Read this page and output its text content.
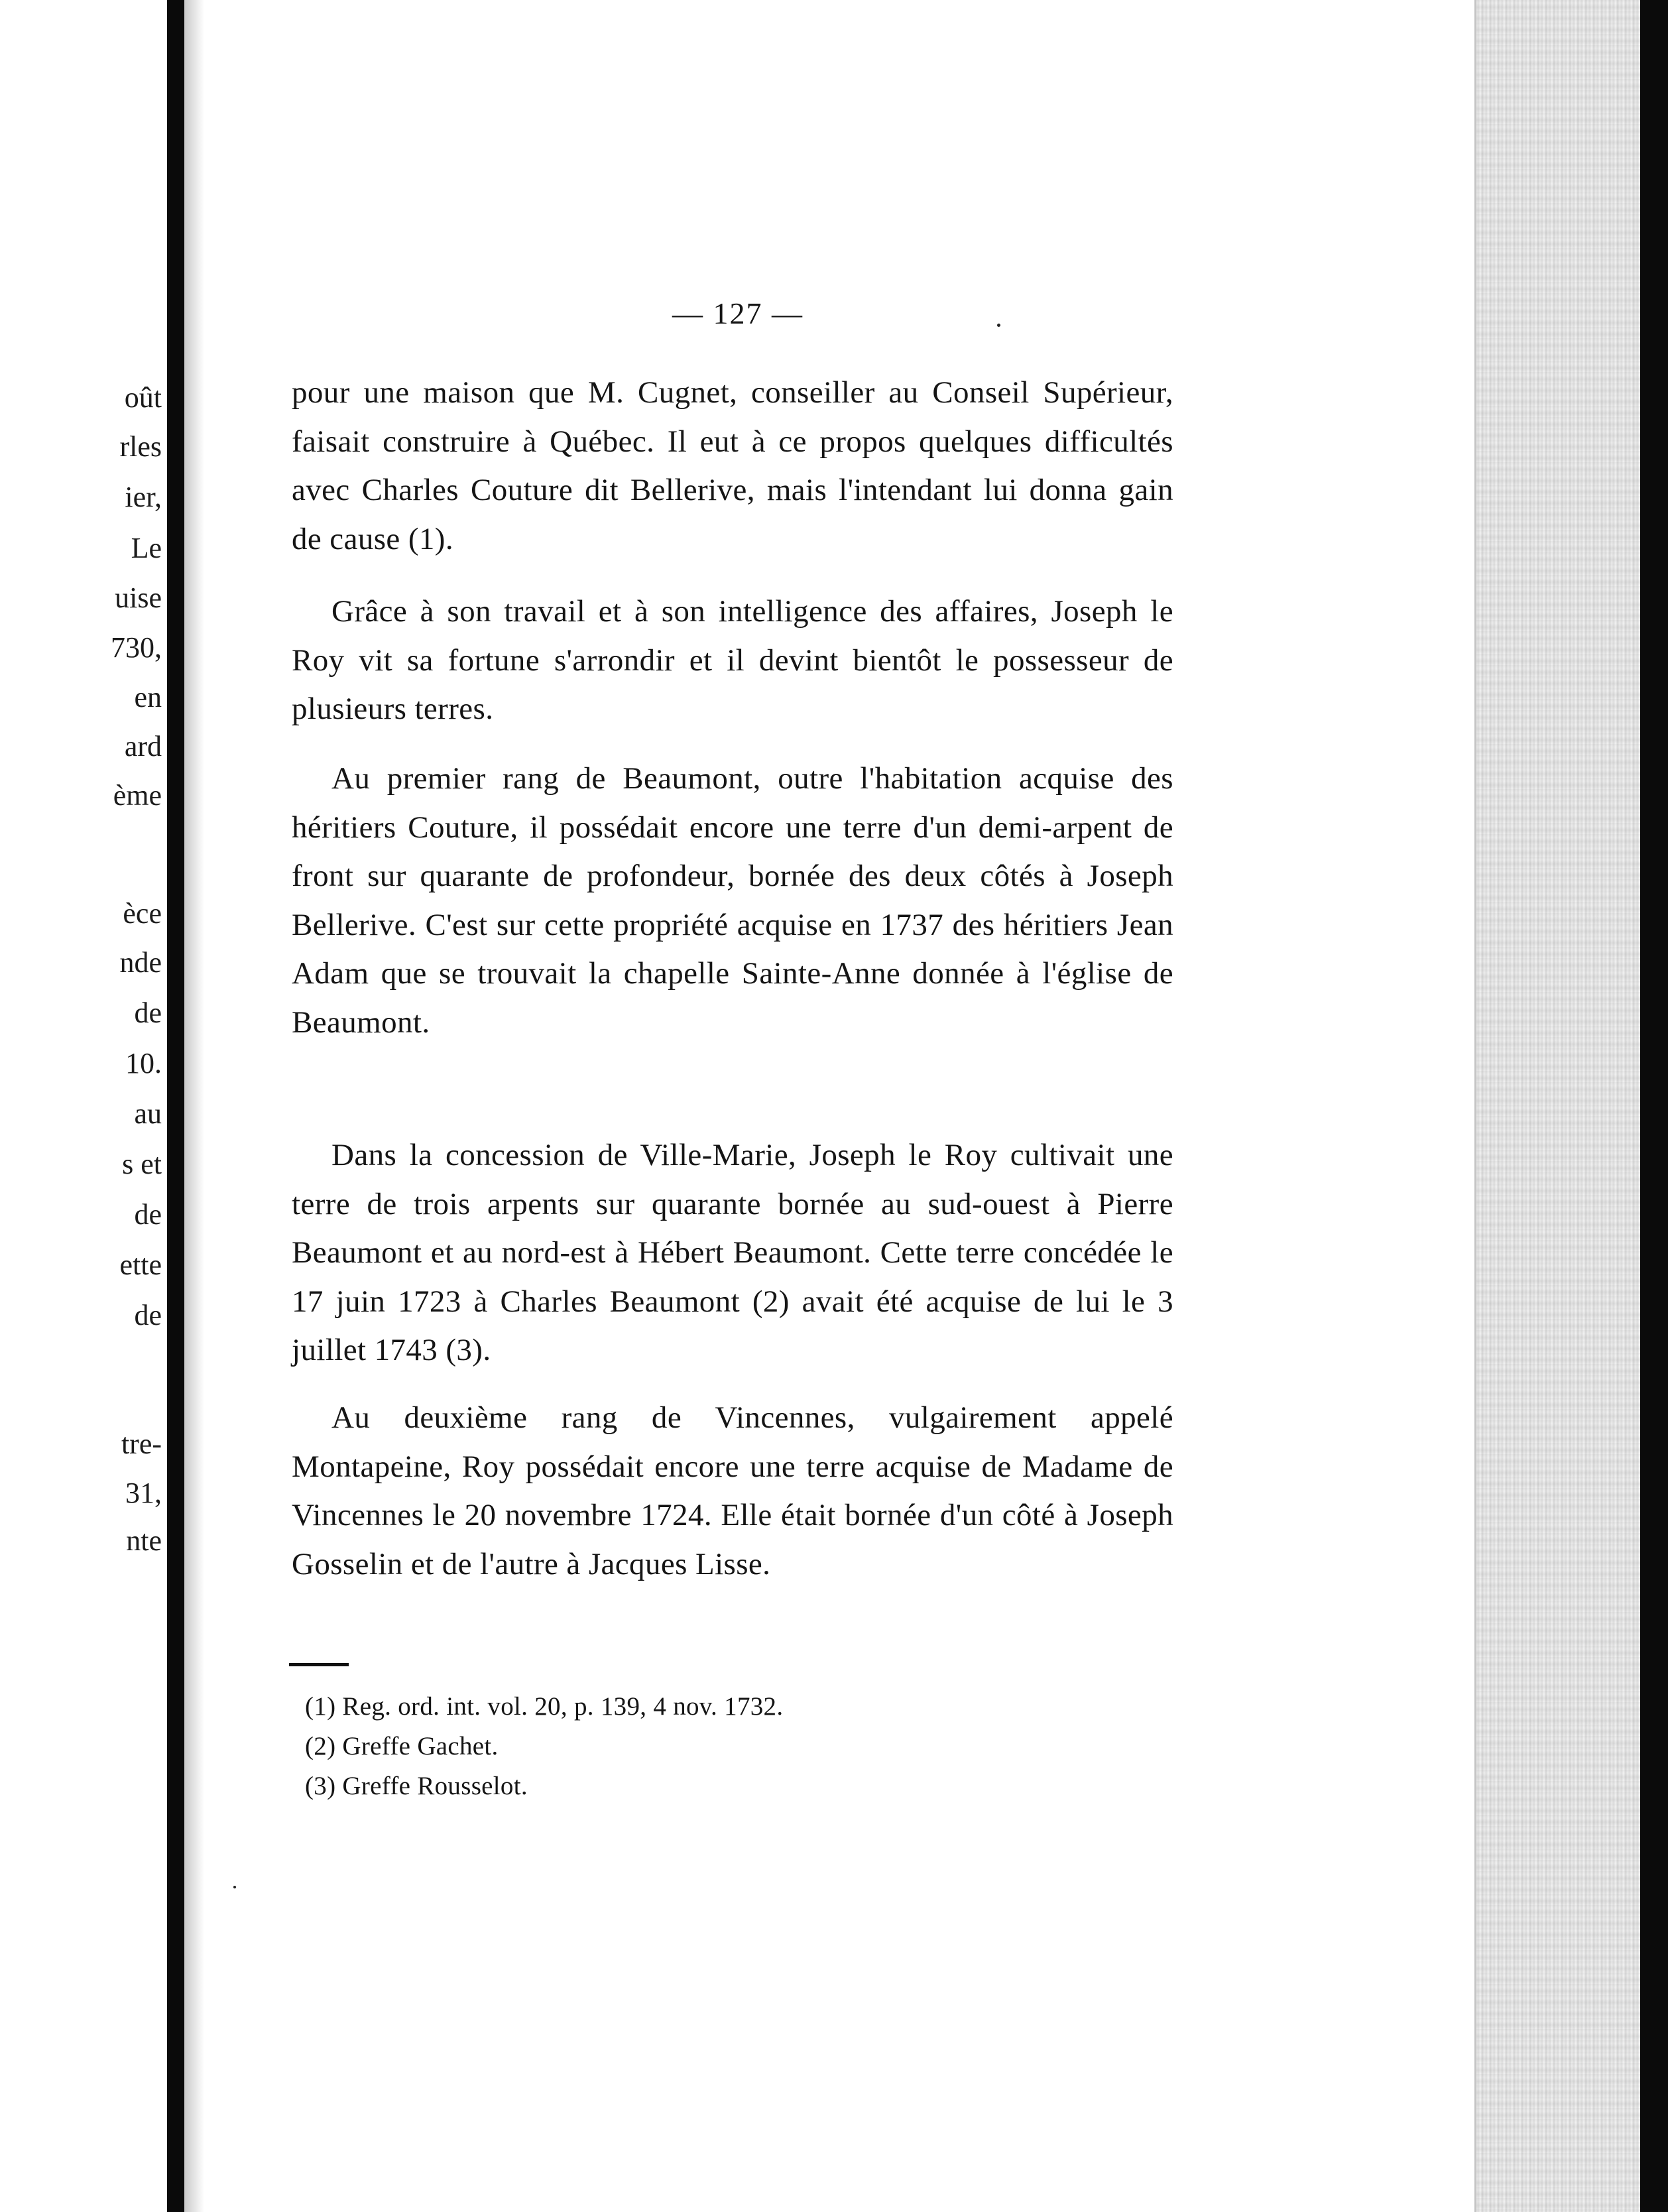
oût
rles
ier,
Le
uise
730,
en
ard
ème
èce
nde
de
10.
au
s et
de
ette
de
tre-
31,
nte
— 127 —

pour une maison que M. Cugnet, conseiller au Conseil Supérieur, faisait construire à Québec. Il eut à ce propos quelques difficultés avec Charles Couture dit Bellerive, mais l'intendant lui donna gain de cause (1).

Grâce à son travail et à son intelligence des affaires, Joseph le Roy vit sa fortune s'arrondir et il devint bientôt le possesseur de plusieurs terres.

Au premier rang de Beaumont, outre l'habitation acquise des héritiers Couture, il possédait encore une terre d'un demi-arpent de front sur quarante de profondeur, bornée des deux côtés à Joseph Bellerive. C'est sur cette propriété acquise en 1737 des héritiers Jean Adam que se trouvait la chapelle Sainte-Anne donnée à l'église de Beaumont.

Dans la concession de Ville-Marie, Joseph le Roy cultivait une terre de trois arpents sur quarante bornée au sud-ouest à Pierre Beaumont et au nord-est à Hébert Beaumont. Cette terre concédée le 17 juin 1723 à Charles Beaumont (2) avait été acquise de lui le 3 juillet 1743 (3).

Au deuxième rang de Vincennes, vulgairement appelé Montapeine, Roy possédait encore une terre acquise de Madame de Vincennes le 20 novembre 1724. Elle était bornée d'un côté à Joseph Gosselin et de l'autre à Jacques Lisse.

(1) Reg. ord. int. vol. 20, p. 139, 4 nov. 1732.
(2) Greffe Gachet.
(3) Greffe Rousselot.
